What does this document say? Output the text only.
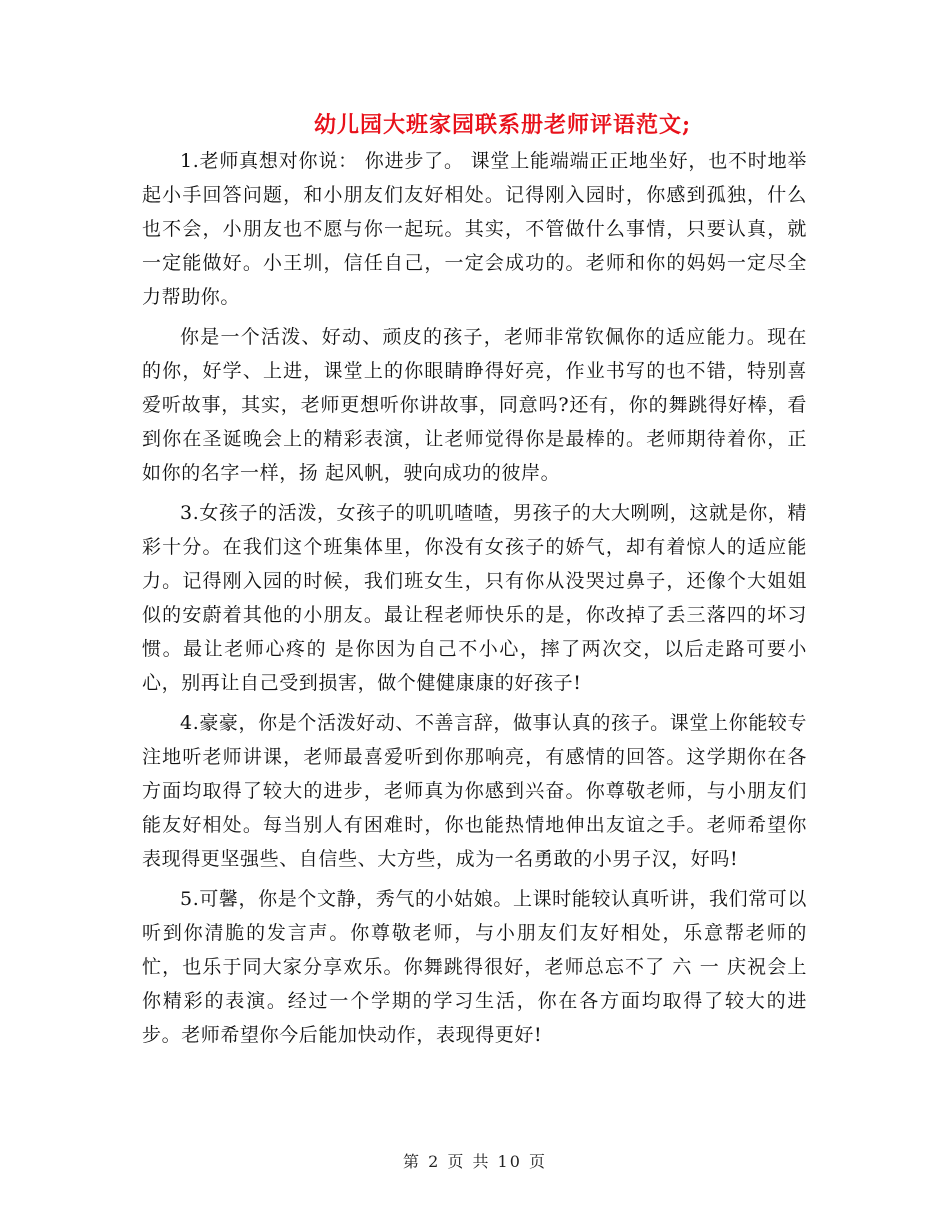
幼儿园大班家园联系册老师评语范文;

1.老师真想对你说： 你进步了。 课堂上能端端正正地坐好，也不时地举起小手回答问题，和小朋友们友好相处。记得刚入园时，你感到孤独，什么也不会，小朋友也不愿与你一起玩。其实，不管做什么事情，只要认真，就一定能做好。小王圳，信任自己，一定会成功的。老师和你的妈妈一定尽全力帮助你。

你是一个活泼、好动、顽皮的孩子，老师非常钦佩你的适应能力。现在的你，好学、上进，课堂上的你眼睛睁得好亮，作业书写的也不错，特别喜爱听故事，其实，老师更想听你讲故事，同意吗?还有，你的舞跳得好棒，看到你在圣诞晚会上的精彩表演，让老师觉得你是最棒的。老师期待着你，正如你的名字一样，扬 起风帆，驶向成功的彼岸。

3.女孩子的活泼，女孩子的叽叽喳喳，男孩子的大大咧咧，这就是你，精彩十分。在我们这个班集体里，你没有女孩子的娇气，却有着惊人的适应能力。记得刚入园的时候，我们班女生，只有你从没哭过鼻子，还像个大姐姐似的安蔚着其他的小朋友。最让程老师快乐的是，你改掉了丢三落四的坏习惯。最让老师心疼的 是你因为自己不小心，摔了两次交，以后走路可要小心，别再让自己受到损害，做个健健康康的好孩子!

4.豪豪，你是个活泼好动、不善言辞，做事认真的孩子。课堂上你能较专注地听老师讲课，老师最喜爱听到你那响亮，有感情的回答。这学期你在各方面均取得了较大的进步，老师真为你感到兴奋。你尊敬老师，与小朋友们能友好相处。每当别人有困难时，你也能热情地伸出友谊之手。老师希望你表现得更坚强些、自信些、大方些，成为一名勇敢的小男子汉，好吗!

5.可馨，你是个文静，秀气的小姑娘。上课时能较认真听讲，我们常可以听到你清脆的发言声。你尊敬老师，与小朋友们友好相处，乐意帮老师的忙，也乐于同大家分享欢乐。你舞跳得很好，老师总忘不了 六 一 庆祝会上你精彩的表演。经过一个学期的学习生活，你在各方面均取得了较大的进步。老师希望你今后能加快动作，表现得更好!

第 2 页 共 10 页
